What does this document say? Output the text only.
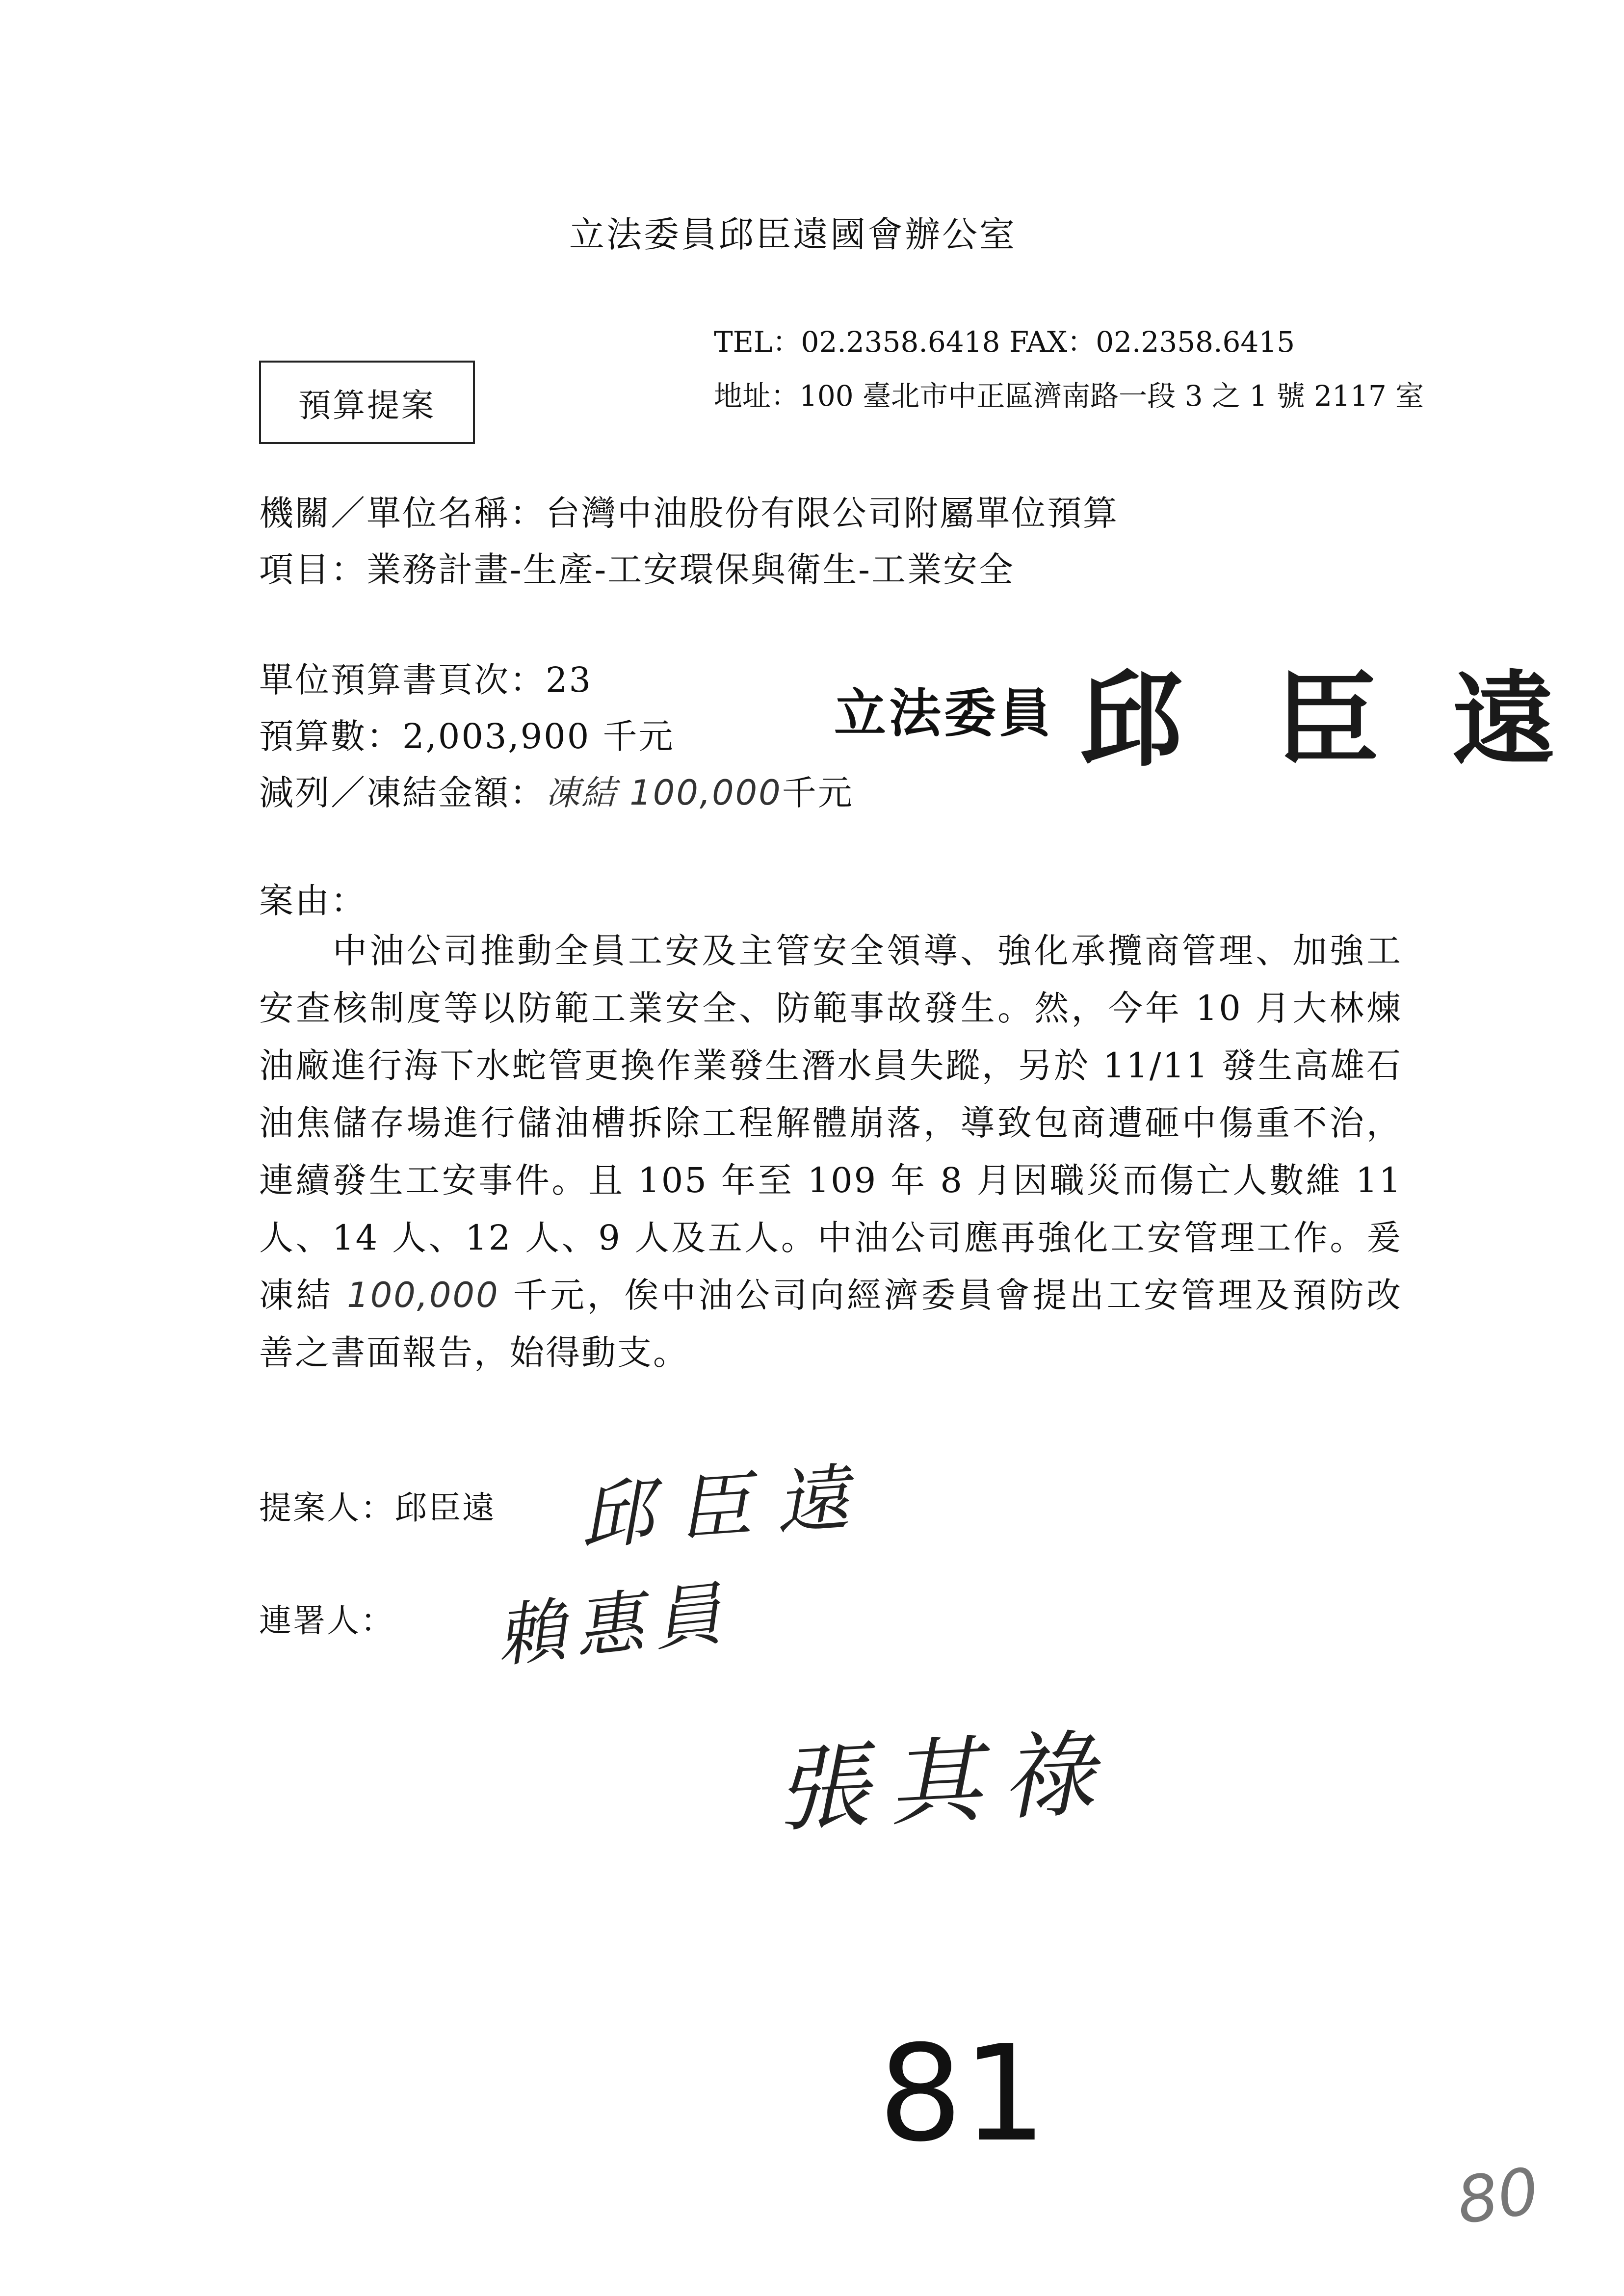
立法委員邱臣遠國會辦公室
TEL：02.2358.6418 FAX：02.2358.6415
地址：100 臺北市中正區濟南路一段 3 之 1 號 2117 室
預算提案
機關／單位名稱：台灣中油股份有限公司附屬單位預算
項目：業務計畫-生產-工安環保與衛生-工業安全
單位預算書頁次：23
預算數：2,003,900 千元
減列／凍結金額：凍結 100,000千元
立法委員 邱 臣 遠
案由：
中油公司推動全員工安及主管安全領導、強化承攬商管理、加強工安查核制度等以防範工業安全、防範事故發生。然，今年 10 月大林煉油廠進行海下水蛇管更換作業發生潛水員失蹤，另於 11/11 發生高雄石油焦儲存場進行儲油槽拆除工程解體崩落，導致包商遭砸中傷重不治，連續發生工安事件。且 105 年至 109 年 8 月因職災而傷亡人數維 11 人、14 人、12 人、9 人及五人。中油公司應再強化工安管理工作。爰凍結 100,000 千元，俟中油公司向經濟委員會提出工安管理及預防改善之書面報告，始得動支。
提案人：邱臣遠 邱臣遠
連署人： 賴惠員
張其祿
81
80
